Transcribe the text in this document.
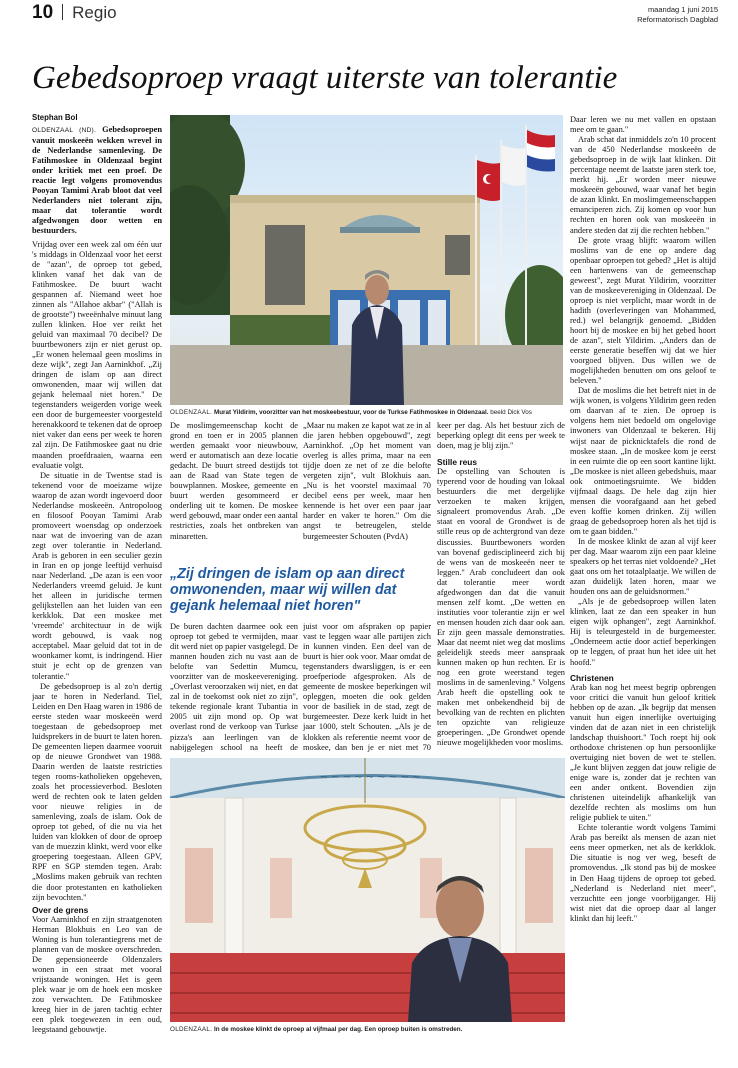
10 Regio	maandag 1 juni 2015
Reformatorisch Dagblad
Gebedsoproep vraagt uiterste van tolerantie
Stephan Bol

OLDENZAAL (ND). Gebedsoproepen vanuit moskeeën wekken wrevel in de Nederlandse samenleving. De Fatihmoskee in Oldenzaal begint onder kritiek met een proef. De reactie legt volgens promovendus Pooyan Tamimi Arab bloot dat veel Nederlanders niet tolerant zijn, maar dat tolerantie wordt afgedwongen door wetten en bestuurders.

Vrijdag over een week zal om één uur 's middags in Oldenzaal voor het eerst de "azan", de oproep tot gebed, klinken vanaf het dak van de Fatihmoskee. De buurt wacht gespannen af. Niemand weet hoe zinnen als "Allahoe akbar" ("Allah is de grootste") tweeënhalve minuut lang zullen klinken. Hoe ver reikt het geluid van maximaal 70 decibel? De buurtbewoners zijn er niet gerust op. „Er wonen helemaal geen moslims in deze wijk", zegt Jan Aarninkhof. „Zij dringen de islam op aan direct omwonenden, maar wij willen dat gejank helemaal niet horen." De tegenstanders weigerden vorige week een door de burgemeester voorgesteld herenakkoord te tekenen dat de oproep niet vaker dan eens per week te horen zal zijn. De Fatihmoskee gaat nu drie maanden proefdraaien, waarna een evaluatie volgt.

De situatie in de Twentse stad is tekenend voor de moeizame wijze waarop de azan wordt ingevoerd door Nederlandse moskeeën. Antropoloog en filosoof Pooyan Tamimi Arab promoveert woensdag op onderzoek naar wat de invoering van de azan zegt over tolerantie in Nederland. Arab is geboren in een seculier gezin in Iran en op jonge leeftijd verhuisd naar Nederland. „De azan is een voor Nederlanders vreemd geluid. Je kunt het alleen in juridische termen gelijkstellen aan het luiden van een kerkklok. Dat een moskee met 'vreemde' architectuur in de wijk wordt gebouwd, is vaak nog acceptabel. Maar geluid dat tot in de woonkamer komt, is indringend. Hier stuit je echt op de grenzen van tolerantie."

De gebedsoproep is al zo'n dertig jaar te horen in Nederland. Tiel, Leiden en Den Haag waren in 1986 de eerste steden waar moskeeën werd toegestaan de gebedsoproep met luidsprekers in de buurt te laten horen. De gemeenten liepen daarmee vooruit op de nieuwe Grondwet van 1988. Daarin werden de laatste restricties tegen rooms-katholieken opgeheven, zoals het processieverbod. Besloten werd de rechten ook te laten gelden voor nieuwe religies in de samenleving, zoals de islam. Ook de oproep tot gebed, of die nu via het luiden van klokken of door de oproep van de muezzin klinkt, werd voor elke groepering toegestaan. Alleen GPV, RPF en SGP stemden tegen. Arab: „Moslims maken gebruik van rechten die door protestanten en katholieken zijn bevochten."

Over de grens

Voor Aarninkhof en zijn straatgenoten Herman Blokhuis en Leo van de Woning is hun tolerantiegrens met de plannen van de moskee overschreden. De gepensioneerde Oldenzalers wonen in een straat met vooral vrijstaande woningen. Het is geen plek waar je om de hoek een moskee zou verwachten. De Fatihmoskee kreeg hier in de jaren tachtig echter een plek toegewezen in een oud, leegstaand gebouwtje.

OLDENZAAL. Murat Yildirim, voorzitter van het moskeebestuur, voor de Turkse Fatihmoskee in Oldenzaal. beeld Dick Vos

De moslimgemeenschap kocht de grond en toen er in 2005 plannen werden gemaakt voor nieuwbouw, werd er automatisch aan deze locatie gedacht. De buurt streed destijds tot aan de Raad van State tegen de bouwplannen. Moskee, gemeente en buurt werden gesommeerd er onderling uit te komen. De moskee werd gebouwd, maar onder een aantal restricties, zoals het ontbreken van minaretten.

„Maar nu maken ze kapot wat ze in al die jaren hebben opgebouwd", zegt Aarninkhof. „Op het moment van overleg is alles prima, maar na een tijdje doen ze net of ze die belofte vergeten zijn", vult Blokhuis aan. „Nu is het voorstel maximaal 70 decibel eens per week, maar hen kennende is het over een paar jaar harder en vaker te horen." Om die angst te betreugelen, stelde burgemeester Schouten (PvdA)

keer per dag. Als het bestuur zich de beperking oplegt dit eens per week te doen, mag je blij zijn."

Stille reus

De opstelling van Schouten is typerend voor de houding van lokaal bestuurders die met dergelijke verzoeken te maken krijgen, signaleert promovendus Arab. „De staat en vooral de Grondwet is de stille reus op de achtergrond van deze discussies. Buurtbewoners worden van bovenaf gedisciplineerd zich bij de wens van de moskeeën neer te leggen." Arab concludeert dan ook dat tolerantie meer wordt afgedwongen dan dat die vanuit mensen zelf komt. „De wetten en instituties voor tolerantie zijn er wel en mensen houden zich daar ook aan. Er zijn geen massale demonstraties. Maar dat neemt niet weg dat moslims geleidelijk steeds meer aanspraak kunnen maken op hun rechten. Er is nog een grote weerstand tegen moslims in de samenleving." Volgens Arab heeft die opstelling ook te maken met onbekendheid bij de bevolking van de rechten en plichten ten opzichte van religieuze groeperingen. „De Grondwet opende nieuwe mogelijkheden voor moslims.

„Zij dringen de islam op aan direct omwonenden, maar wij willen dat gejank helemaal niet horen"

De buren dachten daarmee ook een oproep tot gebed te vermijden, maar dit werd niet op papier vastgelegd. De mannen houden zich nu vast aan de belofte van Sedettin Mumcu, voorzitter van de moskeevereniging. „Overlast veroorzaken wij niet, en dat zal in de toekomst ook niet zo zijn", tekende regionale krant Tubantia in 2005 uit zijn mond op. Op wat overlast rond de verkoop van Turkse pizza's aan leerlingen van de nabijgelegen school na heeft de

juist voor om afspraken op papier vast te leggen waar alle partijen zich in kunnen vinden. Een deel van de buurt is hier ook voor. Maar omdat de tegenstanders dwarsliggen, is er een proefperiode afgesproken. Als de gemeente de moskee beperkingen wil opleggen, moeten die ook gelden voor de basiliek in de stad, zegt de burgemeester. Deze kerk luidt in het jaar 1000, stelt Schouten. „Als je de klokken als referentie neemt voor de moskee, dan ben je er niet met 70

~ ~ ~ ~ ~ ~ ~ ~ ~
OLDENZAAL. In de moskee klinkt de oproep al vijfmaal per dag. Een oproep buiten is omstreden.

Daar leren we nu met vallen en opstaan mee om te gaan."

Arab schat dat inmiddels zo'n 10 procent van de 450 Nederlandse moskeeën de gebedsoproep in de wijk laat klinken. Dit percentage neemt de laatste jaren sterk toe, merkt hij. „Er worden meer nieuwe moskeeën gebouwd, waar vanaf het begin de azan klinkt. En moslimgemeenschappen emanciperen zich. Zij komen op voor hun rechten en horen ook van moskeeën in andere steden dat zij die rechten hebben."

De grote vraag blijft: waarom willen moslims van de ene op andere dag openbaar oproepen tot gebed? „Het is altijd een hartenwens van de gemeenschap geweest", zegt Murat Yildirim, voorzitter van de moskeevereniging in Oldenzaal. De oproep is niet verplicht, maar wordt in de hadith (overleveringen van Mohammed, red.) wel belangrijk genoemd. „Bidden hoort bij de moskee en bij het gebed hoort de azan", stelt Yildirim. „Anders dan de eerste generatie beseffen wij dat we hier voorgoed blijven. Dus willen we de mogelijkheden benutten om ons geloof te beleven."

Dat de moslims die het betreft niet in de wijk wonen, is volgens Yildirim geen reden om daarvan af te zien. De oproep is volgens hem niet bedoeld om ongelovige inwoners van Oldenzaal te bekeren. Hij wijst naar de picknicktafels die rond de moskee staan. „In de moskee kom je eerst in een ruimte die op een soort kantine lijkt. „De moskee is niet alleen gebedshuis, maar ook ontmoetingsruimte. We bidden vijfmaal daags. De hele dag zijn hier mensen die voorafgaand aan het gebed even koffie komen drinken. Zij willen graag de gebedsoproep horen als het tijd is om te gaan bidden."

In de moskee klinkt de azan al vijf keer per dag. Maar waarom zijn een paar kleine speakers op het terras niet voldoende? „Het gaat ons om het totaalplaatje. We willen de azan duidelijk laten horen, maar we houden ons aan de geluidsnormen."

„Als je de gebedsoproep willen laten klinken, laat ze dan een speaker in hun eigen wijk ophangen", zegt Aarninkhof. Hij is teleurgesteld in de burgemeester. „Onderneem actie door actief beperkingen op te leggen, of praat hun het idee uit het hoofd."

Christenen

Arab kan nog het meest begrip opbrengen voor critici die vanuit hun geloof kritiek hebben op de azan. „Ik begrijp dat mensen vanuit hun eigen innerlijke overtuiging vinden dat de azan niet in een christelijk landschap thuishoort." Toch roept hij ook orthodoxe christenen op hun persoonlijke overtuiging niet boven de wet te stellen. „Je kunt blijven zeggen dat jouw religie de enige ware is, zonder dat je rechten van een ander ontkent. Bovendien zijn christenen uiteindelijk afhankelijk van dezelfde rechten als moslims om hun religie publiek te uiten."

Echte tolerantie wordt volgens Tamimi Arab pas bereikt als mensen de azan niet eens meer opmerken, net als de kerkklok. Die situatie is nog ver weg, beseft de promovendus. „Ik stond pas bij de moskee in Den Haag tijdens de oproep tot gebed. „Nederland is Nederland niet meer", verzuchtte een jonge voorbijganger. Hij wist niet dat die oproep daar al langer klinkt dan hij leeft."
